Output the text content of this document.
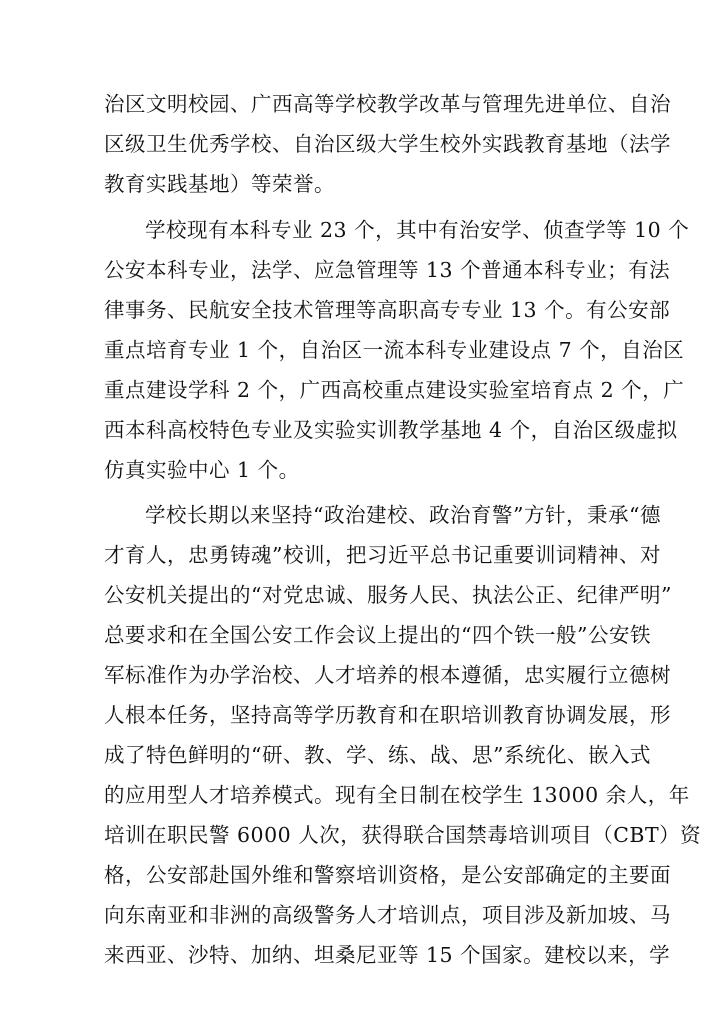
治区文明校园、广西高等学校教学改革与管理先进单位、自治
区级卫生优秀学校、自治区级大学生校外实践教育基地（法学
教育实践基地）等荣誉。
学校现有本科专业 23 个，其中有治安学、侦查学等 10 个
公安本科专业，法学、应急管理等 13 个普通本科专业；有法
律事务、民航安全技术管理等高职高专专业 13 个。有公安部
重点培育专业 1 个，自治区一流本科专业建设点 7 个，自治区
重点建设学科 2 个，广西高校重点建设实验室培育点 2 个，广
西本科高校特色专业及实验实训教学基地 4 个，自治区级虚拟
仿真实验中心 1 个。
学校长期以来坚持“政治建校、政治育警”方针，秉承“德
才育人，忠勇铸魂”校训，把习近平总书记重要训词精神、对
公安机关提出的“对党忠诚、服务人民、执法公正、纪律严明”
总要求和在全国公安工作会议上提出的“四个铁一般”公安铁
军标准作为办学治校、人才培养的根本遵循，忠实履行立德树
人根本任务，坚持高等学历教育和在职培训教育协调发展，形
成了特色鲜明的“研、教、学、练、战、思”系统化、嵌入式
的应用型人才培养模式。现有全日制在校学生 13000 余人，年
培训在职民警 6000 人次，获得联合国禁毒培训项目（CBT）资
格，公安部赴国外维和警察培训资格，是公安部确定的主要面
向东南亚和非洲的高级警务人才培训点，项目涉及新加坡、马
来西亚、沙特、加纳、坦桑尼亚等 15 个国家。建校以来，学
